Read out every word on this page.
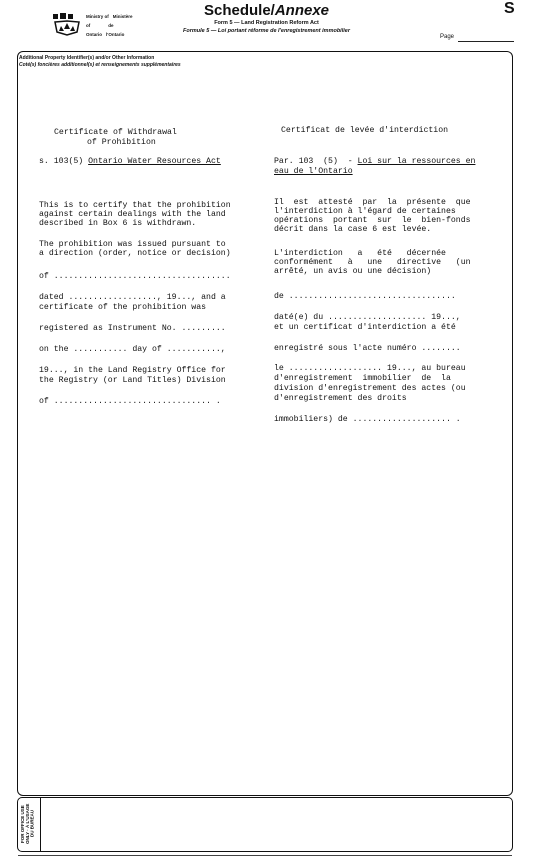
Ministry of Ministère
of	de
Ontario l'Ontario
Schedule/Annexe
Form 5 — Land Registration Reform Act
Formule 5 — Loi portant réforme de l'enregistrement immobilier
S
Page
Additional Property Identifier(s) and/or Other Information
Coté(s) foncières additionnel(s) et renseignements supplémentaires
Certificate of Withdrawal
of Prohibition
s. 103(5) Ontario Water Resources Act
This is to certify that the prohibition
against certain dealings with the land
described in Box 6 is withdrawn.
The prohibition was issued pursuant to
a direction (order, notice or decision)
of ....................................
dated .................., 19..., and a
certificate of the prohibition was
registered as Instrument No. .........
on the ........... day of ...........,
19..., in the Land Registry Office for
the Registry (or Land Titles) Division
of ................................ .
Certificat de levée d'interdiction
Par. 103  (5)  - Loi sur la ressources en
eau de l'Ontario
Il  est  attesté  par  la  présente  que
l'interdiction à l'égard de certaines
opérations  portant  sur  le  bien-fonds
décrit dans la case 6 est levée.
L'interdiction   a   été   décernée
conformément   à   une   directive   (un
arrêté, un avis ou une décision)
de ..................................
daté(e) du .................... 19...,
et un certificat d'interdiction a été
enregistré sous l'acte numéro ........
le ................... 19..., au bureau
d'enregistrement  immobilier  de  la
division d'enregistrement des actes (ou
d'enregistrement des droits
immobiliers) de .................... .
FOR OFFICE USE ONLY · À L'USAGE DU BUREAU
